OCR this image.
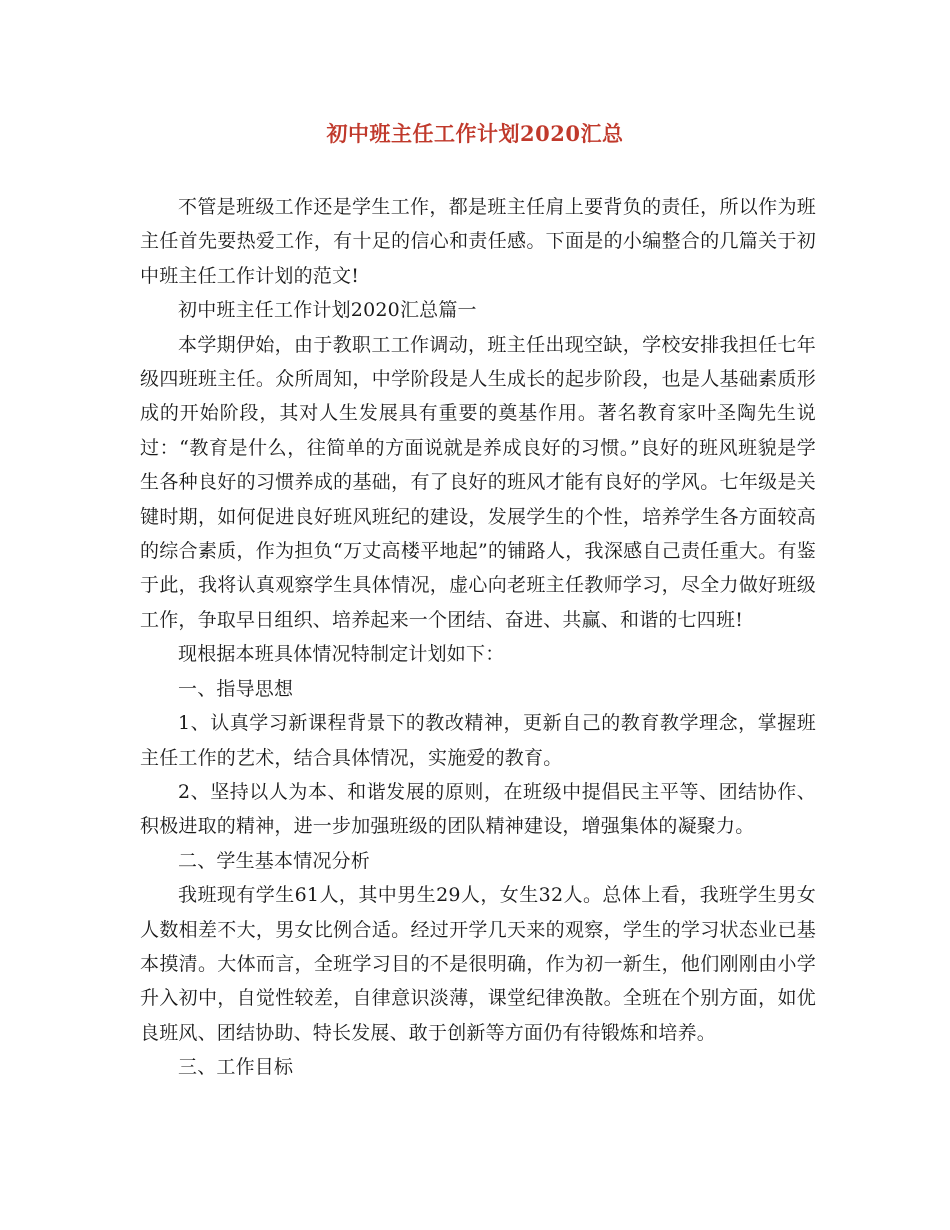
初中班主任工作计划2020汇总

不管是班级工作还是学生工作，都是班主任肩上要背负的责任，所以作为班主任首先要热爱工作，有十足的信心和责任感。下面是的小编整合的几篇关于初中班主任工作计划的范文!

初中班主任工作计划2020汇总篇一

本学期伊始，由于教职工工作调动，班主任出现空缺，学校安排我担任七年级四班班主任。众所周知，中学阶段是人生成长的起步阶段，也是人基础素质形成的开始阶段，其对人生发展具有重要的奠基作用。著名教育家叶圣陶先生说过：“教育是什么，往简单的方面说就是养成良好的习惯。”良好的班风班貌是学生各种良好的习惯养成的基础，有了良好的班风才能有良好的学风。七年级是关键时期，如何促进良好班风班纪的建设，发展学生的个性，培养学生各方面较高的综合素质，作为担负“万丈高楼平地起”的铺路人，我深感自己责任重大。有鉴于此，我将认真观察学生具体情况，虚心向老班主任教师学习，尽全力做好班级工作，争取早日组织、培养起来一个团结、奋进、共赢、和谐的七四班!

现根据本班具体情况特制定计划如下：

一、指导思想

1、认真学习新课程背景下的教改精神，更新自己的教育教学理念，掌握班主任工作的艺术，结合具体情况，实施爱的教育。

2、坚持以人为本、和谐发展的原则，在班级中提倡民主平等、团结协作、积极进取的精神，进一步加强班级的团队精神建设，增强集体的凝聚力。

二、学生基本情况分析

我班现有学生61人，其中男生29人，女生32人。总体上看，我班学生男女人数相差不大，男女比例合适。经过开学几天来的观察，学生的学习状态业已基本摸清。大体而言，全班学习目的不是很明确，作为初一新生，他们刚刚由小学升入初中，自觉性较差，自律意识淡薄，课堂纪律涣散。全班在个别方面，如优良班风、团结协助、特长发展、敢于创新等方面仍有待锻炼和培养。

三、工作目标
